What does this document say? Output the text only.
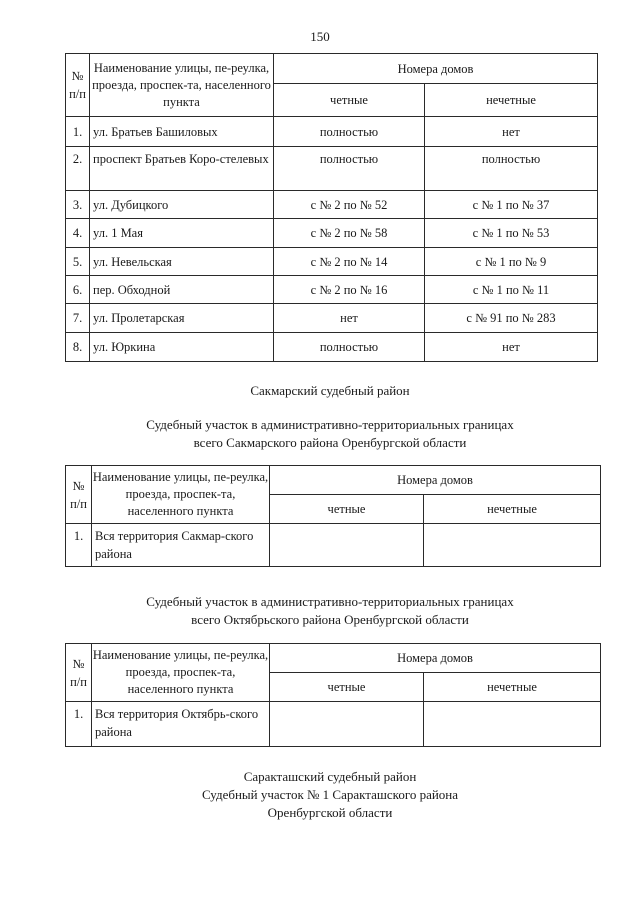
150
№ п/п	Наименование улицы, пе-реулка, проезда, проспек-та, населенного пункта	Номера домов	
		четные	нечетные
1.	ул. Братьев Башиловых	полностью	нет
2.	проспект Братьев Коро-стелевых	полностью	полностью
3.	ул. Дубицкого	с № 2 по № 52	с № 1 по № 37
4.	ул. 1 Мая	с № 2 по № 58	с № 1 по № 53
5.	ул. Невельская	с № 2 по № 14	с № 1 по № 9
6.	пер. Обходной	с № 2 по № 16	с № 1 по № 11
7.	ул. Пролетарская	нет	с № 91 по № 283
8.	ул. Юркина	полностью	нет
Сакмарский судебный район
Судебный участок в административно-территориальных границах
всего Сакмарского района Оренбургской области
№ п/п	Наименование улицы, пе-реулка, проезда, проспек-та, населенного пункта	Номера домов	
		четные	нечетные
1.	Вся территория Сакмар-ского района		
Судебный участок в административно-территориальных границах
всего Октябрьского района Оренбургской области
№ п/п	Наименование улицы, пе-реулка, проезда, проспек-та, населенного пункта	Номера домов	
		четные	нечетные
1.	Вся территория Октябрь-ского района		
Саракташский судебный район
Судебный участок № 1 Саракташского района
Оренбургской области
